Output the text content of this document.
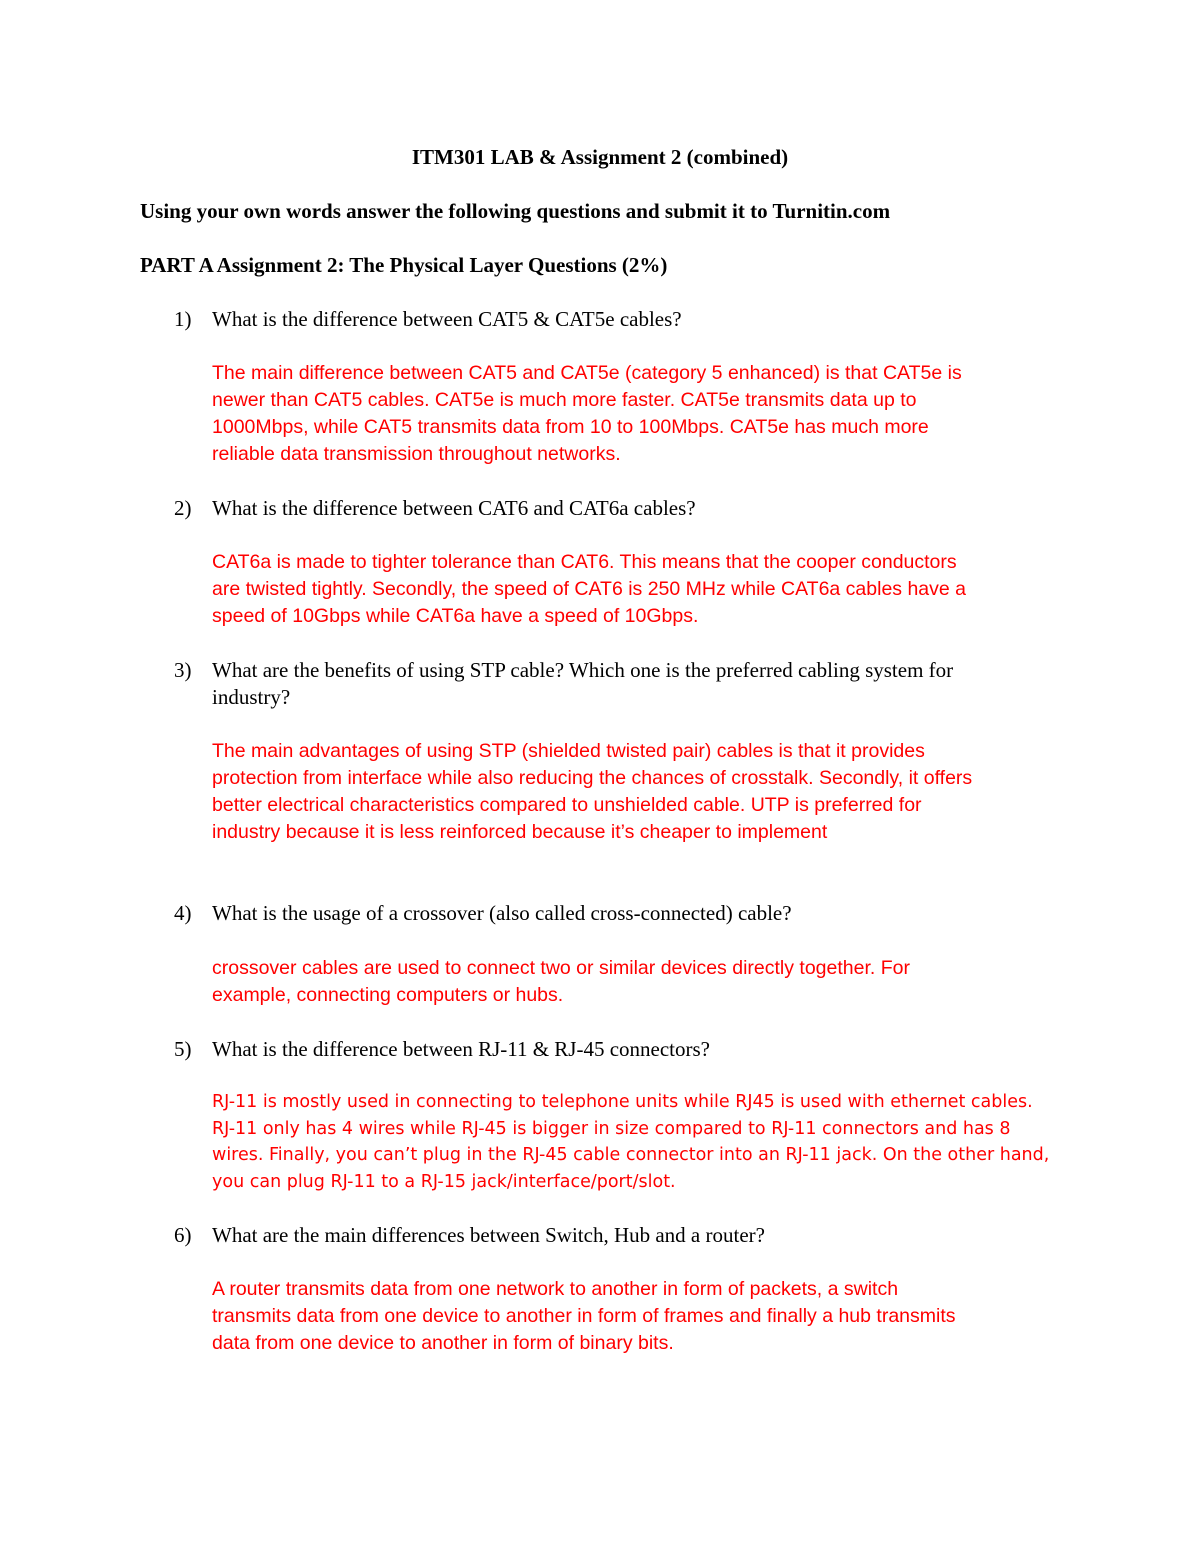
ITM301 LAB & Assignment 2 (combined)
Using your own words answer the following questions and submit it to Turnitin.com
PART A Assignment 2: The Physical Layer Questions (2%)
1) What is the difference between CAT5 & CAT5e cables?
The main difference between CAT5 and CAT5e (category 5 enhanced) is that CAT5e is
newer than CAT5 cables. CAT5e is much more faster. CAT5e transmits data up to
1000Mbps, while CAT5 transmits data from 10 to 100Mbps. CAT5e has much more
reliable data transmission throughout networks.
2) What is the difference between CAT6 and CAT6a cables?
CAT6a is made to tighter tolerance than CAT6. This means that the cooper conductors
are twisted tightly. Secondly, the speed of CAT6 is 250 MHz while CAT6a cables have a
speed of 10Gbps while CAT6a have a speed of 10Gbps.
3) What are the benefits of using STP cable? Which one is the preferred cabling system for
industry?
The main advantages of using STP (shielded twisted pair) cables is that it provides
protection from interface while also reducing the chances of crosstalk. Secondly, it offers
better electrical characteristics compared to unshielded cable. UTP is preferred for
industry because it is less reinforced because it’s cheaper to implement
4) What is the usage of a crossover (also called cross-connected) cable?
crossover cables are used to connect two or similar devices directly together. For
example, connecting computers or hubs.
5) What is the difference between RJ-11 & RJ-45 connectors?
RJ-11 is mostly used in connecting to telephone units while RJ45 is used with ethernet cables.
RJ-11 only has 4 wires while RJ-45 is bigger in size compared to RJ-11 connectors and has 8
wires. Finally, you can’t plug in the RJ-45 cable connector into an RJ-11 jack. On the other hand,
you can plug RJ-11 to a RJ-15 jack/interface/port/slot.
6) What are the main differences between Switch, Hub and a router?
A router transmits data from one network to another in form of packets, a switch
transmits data from one device to another in form of frames and finally a hub transmits
data from one device to another in form of binary bits.
